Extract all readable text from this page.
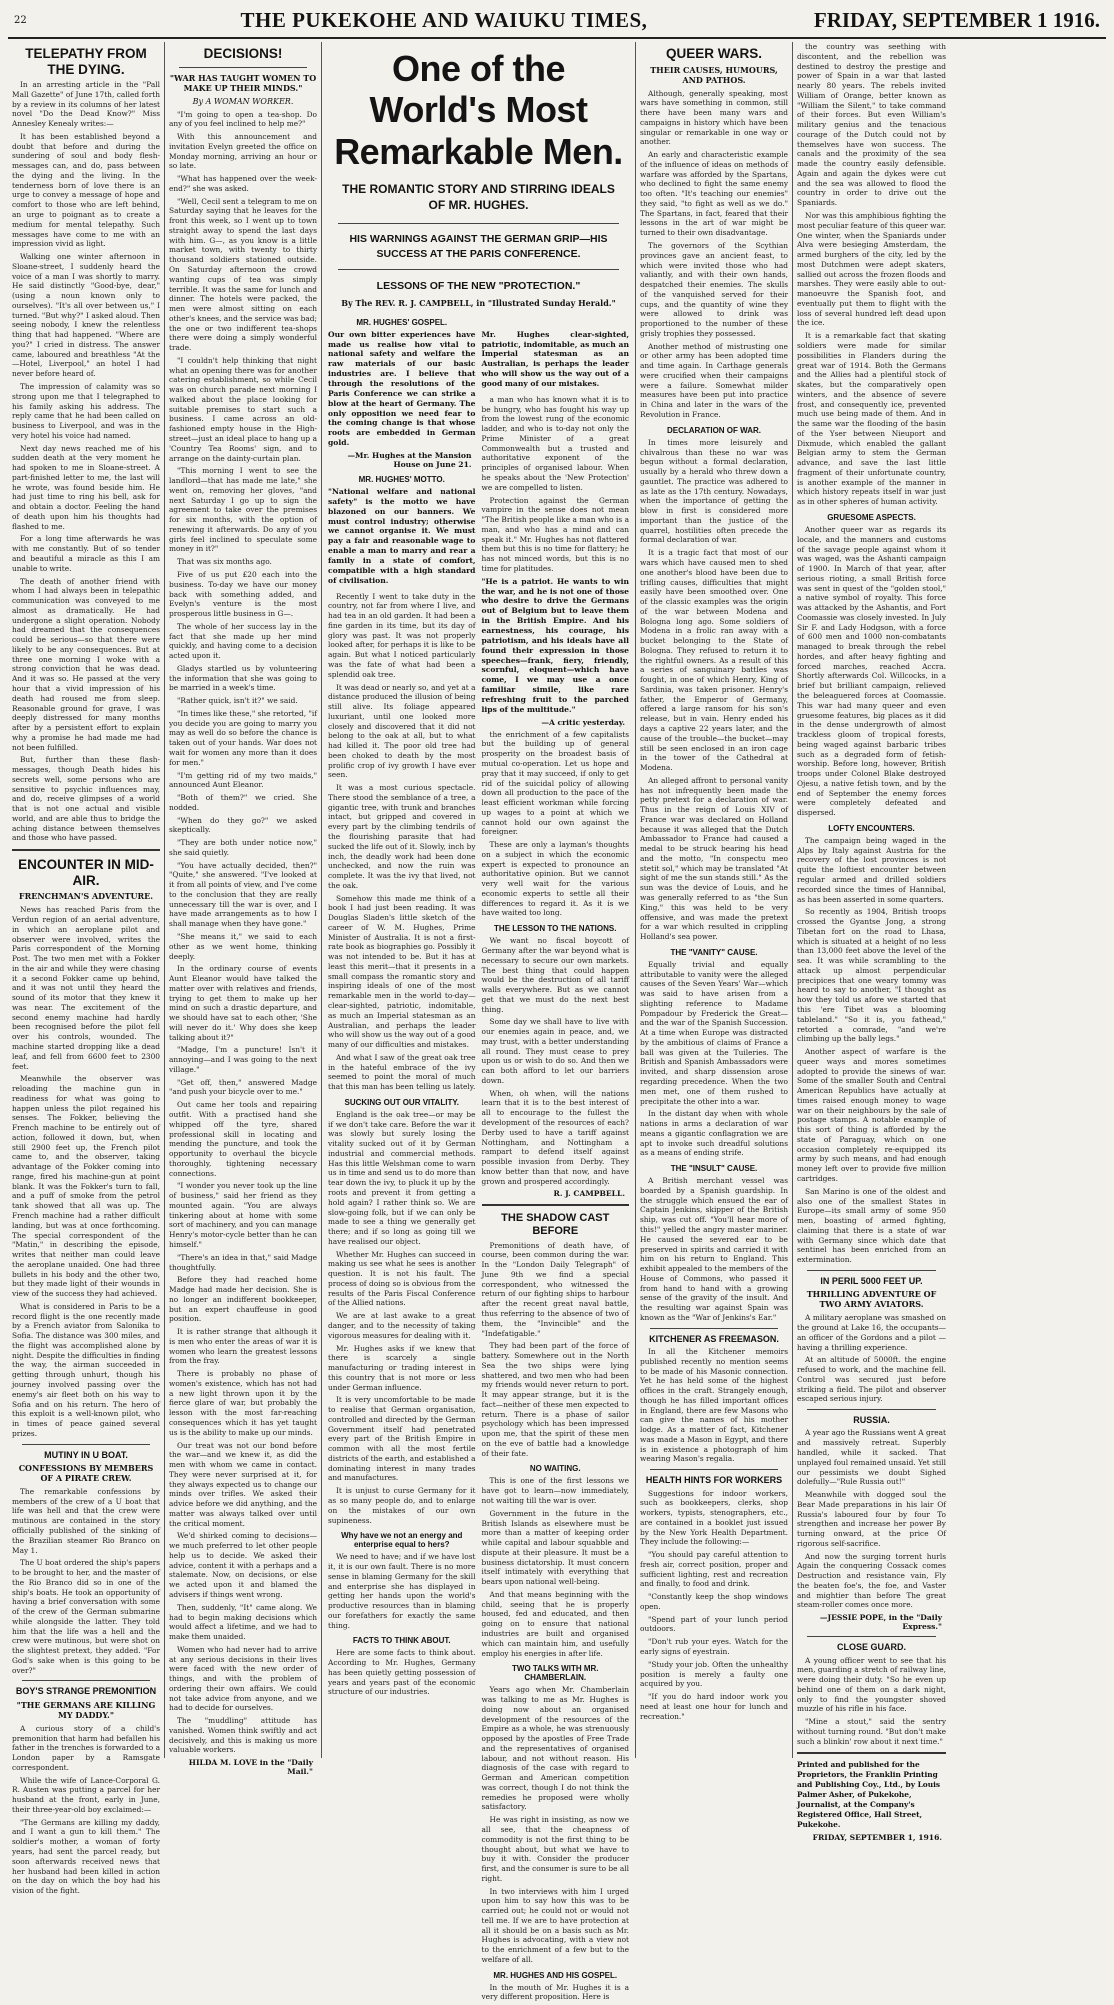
22	THE PUKEKOHE AND WAIUKU TIMES,	FRIDAY, SEPTEMBER 1 1916.
TELEPATHY FROM THE DYING.

In an arresting article in the "Pall Mall Gazette" of June 17th, called forth by a review in its columns of her latest novel "Do the Dead Know?" Miss Annesley Kenealy writes:—

It has been established beyond a doubt that before and during the sundering of soul and body flesh-messages can, and do, pass between the dying and the living. In the tenderness born of love there is an urge to convey a message of hope and comfort to those who are left behind, an urge to poignant as to create a medium for mental telepathy. Such messages have come to me with an impression vivid as light.

Walking one winter afternoon in Sloane-street, I suddenly heard the voice of a man I was shortly to marry. He said distinctly "Good-bye, dear," (using a noun known only to ourselves). "It's all over between us," I turned. "But why?" I asked aloud. Then seeing nobody, I knew the relentless thing that had happened. "Where are you?" I cried in distress. The answer came, laboured and breathless "At the —Hotel, Liverpool," an hotel I had never before heard of.

The impression of calamity was so strong upon me that I telegraphed to his family asking his address. The reply came that he had been called on business to Liverpool, and was in the very hotel his voice had named.

Next day news reached me of his sudden death at the very moment he had spoken to me in Sloane-street. A part-finished letter to me, the last will he wrote, was found beside him. He had just time to ring his bell, ask for and obtain a doctor. Feeling the hand of death upon him his thoughts had flashed to me.

For a long time afterwards he was with me constantly. But of so tender and beautiful a miracle as this I am unable to write.

The death of another friend with whom I had always been in telepathic communication was conveyed to me almost as dramatically. He had undergone a slight operation. Nobody had dreamed that the consequences could be serious—so that there were likely to be any consequences. But at three one morning I woke with a strong conviction that he was dead. And it was so. He passed at the very hour that a vivid impression of his death had roused me from sleep. Reasonable ground for grave, I was deeply distressed for many months after by a persistent effort to explain why a promise he had made me had not been fulfilled.

But, further than these flash-messages, though Death hides his secrets well, some persons who are sensitive to psychic influences may, and do, receive glimpses of a world that is not one actual and visible world, and are able thus to bridge the aching distance between themselves and those who have passed.

ENCOUNTER IN MID-AIR.
FRENCHMAN'S ADVENTURE.

News has reached Paris from the Verdun region of an aerial adventure, in which an aeroplane pilot and observer were involved, writes the Paris correspondent of the Morning Post. The two men met with a Fokker in the air and while they were chasing it a second Fokker came up behind, and it was not until they heard the sound of its motor that they knew it was near. The excitement of the second enemy machine had hardly been recognised before the pilot fell over his controls, wounded. The machine started dropping like a dead leaf, and fell from 6600 feet to 2300 feet.

Meanwhile the observer was reloading the machine gun in readiness for what was going to happen unless the pilot regained his senses. The Fokker, believing the French machine to be entirely out of action, followed it down, but, when still 2900 feet up, the French pilot came to, and the observer, taking advantage of the Fokker coming into range, fired his machine-gun at point blank. It was the Fokker's turn to fall, and a puff of smoke from the petrol tank showed that all was up. The French machine had a rather difficult landing, but was at once forthcoming. The special correspondent of the "Matin," in describing the episode, writes that neither man could leave the aeroplane unaided. One had three bullets in his body and the other two, but they made light of their wounds in view of the success they had achieved.

What is considered in Paris to be a record flight is the one recently made by a French aviator from Salonika to Sofia. The distance was 300 miles, and the flight was accomplished alone by night. Despite the difficulties in finding the way, the airman succeeded in getting through unhurt, though his journey involved passing over the enemy's air fleet both on his way to Sofia and on his return. The hero of this exploit is a well-known pilot, who in times of peace gained several prizes.

MUTINY IN U BOAT.
CONFESSIONS BY MEMBERS OF A PIRATE CREW.

The remarkable confessions by members of the crew of a U boat that life was hell and that the crew were mutinous are contained in the story officially published of the sinking of the Brazilian steamer Rio Branco on May 1.

The U boat ordered the ship's papers to be brought to her, and the master of the Rio Branco did so in one of the ship's boats. He took an opportunity of having a brief conversation with some of the crew of the German submarine while alongside the latter. They told him that the life was a hell and the crew were mutinous, but were shot on the slightest pretext, they added. "For God's sake when is this going to be over?"

BOY'S STRANGE PREMONITION
"THE GERMANS ARE KILLING MY DADDY."

A curious story of a child's premonition that harm had befallen his father in the trenches is forwarded to a London paper by a Ramsgate correspondent.

While the wife of Lance-Corporal G. R. Austen was putting a parcel for her husband at the front, early in June, their three-year-old boy exclaimed:—

"The Germans are killing my daddy, and I want a gun to kill them." The soldier's mother, a woman of forty years, had sent the parcel ready, but soon afterwards received news that her husband had been killed in action on the day on which the boy had his vision of the fight.

DECISIONS!
"WAR HAS TAUGHT WOMEN TO MAKE UP THEIR MINDS."
By A WOMAN WORKER.

"I'm going to open a tea-shop. Do any of you feel inclined to help me?"

With this announcement and invitation Evelyn greeted the office on Monday morning, arriving an hour or so late.

"What has happened over the week-end?" she was asked.

"Well, Cecil sent a telegram to me on Saturday saying that he leaves for the front this week, so I went up to town straight away to spend the last days with him. G—, as you know is a little market town, with twenty to thirty thousand soldiers stationed outside. On Saturday afternoon the crowd wanting cups of tea was simply terrible. It was the same for lunch and dinner. The hotels were packed, the men were almost sitting on each other's knees, and the service was bad; the one or two indifferent tea-shops there were doing a simply wonderful trade.

"I couldn't help thinking that night what an opening there was for another catering establishment, so while Cecil was on church parade next morning I walked about the place looking for suitable premises to start such a business. I came across an old-fashioned empty house in the High-street—just an ideal place to hang up a 'Country Tea Rooms' sign, and to arrange on the dainty-curtain plan.

"This morning I went to see the landlord—that has made me late," she went on, removing her gloves, "and next Saturday I go up to sign the agreement to take over the premises for six months, with the option of renewing it afterwards. Do any of you girls feel inclined to speculate some money in it?"

That was six months ago.

Five of us put £20 each into the business. To-day we have our money back with something added, and Evelyn's venture is the most prosperous little business in G—.

The whole of her success lay in the fact that she made up her mind quickly, and having come to a decision acted upon it.

Gladys startled us by volunteering the information that she was going to be married in a week's time.

"Rather quick, isn't it?" we said.

"In times like these," she retorted, "if you decide you are going to marry you may as well do so before the chance is taken out of your hands. War does not wait for women any more than it does for men."

"I'm getting rid of my two maids," announced Aunt Eleanor.

"Both of them?" we cried. She nodded.

"When do they go?" we asked skeptically.

"They are both under notice now," she said quietly.

"You have actually decided, then?" "Quite," she answered. "I've looked at it from all points of view, and I've come to the conclusion that they are really unnecessary till the war is over, and I have made arrangements as to how I shall manage when they have gone."

"She means it," we said to each other as we went home, thinking deeply.

In the ordinary course of events Aunt Eleanor would have talked the matter over with relatives and friends, trying to get them to make up her mind on such a drastic departure, and we should have sat to each other, 'She will never do it.' Why does she keep talking about it?"

"Madge, I'm a puncture! Isn't it annoying—and I was going to the next village."

"Get off, then," answered Madge "and push your bicycle over to me."

Out came her tools and repairing outfit. With a practised hand she whipped off the tyre, shared professional skill in locating and mending the puncture, and took the opportunity to overhaul the bicycle thoroughly, tightening necessary connections.

"I wonder you never took up the line of business," said her friend as they mounted again. "You are always tinkering about at home with some sort of machinery, and you can manage Henry's motor-cycle better than he can himself."

"There's an idea in that," said Madge thoughtfully.

Before they had reached home Madge had made her decision. She is no longer an indifferent bookkeeper, but an expert chauffeuse in good position.

It is rather strange that although it is men who enter the areas of war it is women who learn the greatest lessons from the fray.

There is probably no phase of women's existence, which has not had a new light thrown upon it by the fierce glare of war, but probably the lesson with the most far-reaching consequences which it has yet taught us is the ability to make up our minds.

Our treat was not our bond before the war—and we knew it, as did the men with whom we came in contact. They were never surprised at it, for they always expected us to change our minds over trifles. We asked their advice before we did anything, and the matter was always talked over until the critical moment.

We'd shirked coming to decisions—we much preferred to let other people help us to decide. We asked their advice, content it with a perhaps and a stalemate. Now, on decisions, or else we acted upon it and blamed the advisers if things went wrong.

Then, suddenly, "It" came along. We had to begin making decisions which would affect a lifetime, and we had to make them unaided.

Women who had never had to arrive at any serious decisions in their lives were faced with the new order of things, and with the problem of ordering their own affairs. We could not take advice from anyone, and we had to decide for ourselves.

The "muddling" attitude has vanished. Women think swiftly and act decisively, and this is making us more valuable workers.

HILDA M. LOVE in the "Daily Mail."
One of the World's Most Remarkable Men.
THE ROMANTIC STORY AND STIRRING IDEALS OF MR. HUGHES.
HIS WARNINGS AGAINST THE GERMAN GRIP—HIS SUCCESS AT THE PARIS CONFERENCE.
LESSONS OF THE NEW "PROTECTION."
By The REV. R. J. CAMPBELL, in "Illustrated Sunday Herald."
MR. HUGHES' GOSPEL.
Our own bitter experiences have made us realise how vital to national safety and welfare the raw materials of our basic industries are. I believe that through the resolutions of the Paris Conference we can strike a blow at the heart of Germany. The only opposition we need fear to the coming change is that whose roots are embedded in German gold.
—Mr. Hughes at the Mansion House on June 21.
MR. HUGHES' MOTTO.
"National welfare and national safety" is the motto we have blazoned on our banners. We must control industry; otherwise we cannot organise it. We must pay a fair and reasonable wage to enable a man to marry and rear a family in a state of comfort, compatible with a high standard of civilisation.

Recently I went to take duty in the country, not far from where I live, and had tea in an old garden. It had been a fine garden in its time, but its day of glory was past. It was not properly looked after, for perhaps it is like to be again. But what I noticed particularly was the fate of what had been a splendid oak tree.

It was dead or nearly so, and yet at a distance produced the illusion of being still alive. Its foliage appeared luxuriant, until one looked more closely and discovered that it did not belong to the oak at all, but to what had killed it. The poor old tree had been choked to death by the most prolific crop of ivy growth I have ever seen.

It was a most curious spectacle. There stood the semblance of a tree, a gigantic tree, with trunk and branches intact, but gripped and covered in every part by the climbing tendrils of the flourishing parasite that had sucked the life out of it. Slowly, inch by inch, the deadly work had been done unchecked, and now the ruin was complete. It was the ivy that lived, not the oak.

Somehow this made me think of a book I had just been reading. It was Douglas Sladen's little sketch of the career of W. M. Hughes, Prime Minister of Australia. It is not a first-rate book as biographies go. Possibly it was not intended to be. But it has at least this merit—that it presents in a small compass the romantic story and inspiring ideals of one of the most remarkable men in the world to-day—clear-sighted, patriotic, indomitable, as much an Imperial statesman as an Australian, and perhaps the leader who will show us the way out of a good many of our difficulties and mistakes.

And what I saw of the great oak tree in the hateful embrace of the ivy seemed to point the moral of much that this man has been telling us lately.

SUCKING OUT OUR VITALITY.

England is the oak tree—or may be if we don't take care. Before the war it was slowly but surely losing the vitality sucked out of it by German industrial and commercial methods. Has this little Welshman come to warn us in time and send us to do more than tear down the ivy, to pluck it up by the roots and prevent it from getting a hold again? I rather think so. We are slow-going folk, but if we can only be made to see a thing we generally get there; and if so long as going till we have realised our object.

Whether Mr. Hughes can succeed in making us see what he sees is another question. It is not his fault. The process of doing so is obvious from the results of the Paris Fiscal Conference of the Allied nations.

We are at last awake to a great danger, and to the necessity of taking vigorous measures for dealing with it.

Mr. Hughes asks if we knew that there is scarcely a single manufacturing or trading interest in this country that is not more or less under German influence.

It is very uncomfortable to be made to realise that German organisation, controlled and directed by the German Government itself had penetrated every part of the British Empire in common with all the most fertile districts of the earth, and established a dominating interest in many trades and manufactures.

It is unjust to curse Germany for it as so many people do, and to enlarge on the mistakes of our own supineness.

Why have we not an energy and enterprise equal to hers?

We need to have; and if we have lost it, it is our own fault. There is no more sense in blaming Germany for the skill and enterprise she has displayed in getting her hands upon the world's productive resources than in blaming our forefathers for exactly the same thing.

FACTS TO THINK ABOUT.

Here are some facts to think about. According to Mr. Hughes, Germany has been quietly getting possession of years and years past of the economic structure of our industries.

Mr. Hughes clear-sighted, patriotic, indomitable, as much an Imperial statesman as an Australian, is perhaps the leader who will show us the way out of a good many of our mistakes.

a man who has known what it is to be hungry, who has fought his way up from the lowest rung of the economic ladder, and who is to-day not only the Prime Minister of a great Commonwealth but a trusted and authoritative exponent of the principles of organised labour. When he speaks about the 'New Protection' we are compelled to listen.

Protection against the German vampire in the sense does not mean "The British people like a man who is a man, and who has a mind and can speak it." Mr. Hughes has not flattered them but this is no time for flattery; he has not minced words, but this is no time for platitudes.

"He is a patriot. He wants to win the war, and he is not one of those who desire to drive the Germans out of Belgium but to leave them in the British Empire. And his earnestness, his courage, his patriotism, and his ideals have all found their expression in those speeches—frank, fiery, friendly, scornful, eloquent—which have come, I we may use a once familiar simile, like rare refreshing fruit to the parched lips of the multitude."
—A critic yesterday.

the enrichment of a few capitalists but the building up of general prosperity on the broadest basis of mutual co-operation. Let us hope and pray that it may succeed, if only to get rid of the suicidal policy of allowing down all production to the pace of the least efficient workman while forcing up wages to a point at which we cannot hold our own against the foreigner.

These are only a layman's thoughts on a subject in which the economic expert is expected to pronounce an authoritative opinion. But we cannot very well wait for the various economic experts to settle all their differences to regard it. As it is we have waited too long.

THE LESSON TO THE NATIONS.

We want no fiscal boycott of Germany after the war beyond what is necessary to secure our own markets. The best thing that could happen would be the destruction of all tariff walls everywhere. But as we cannot get that we must do the next best thing.

Some day we shall have to live with our enemies again in peace, and, we may trust, with a better understanding all round. They must cease to prey upon us or wish to do so. And then we can both afford to let our barriers down.

When, oh when, will the nations learn that it is to the best interest of all to encourage to the fullest the development of the resources of each? Derby used to have a tariff against Nottingham, and Nottingham a rampart to defend itself against possible invasion from Derby. They know better than that now, and have grown and prospered accordingly.

R. J. CAMPBELL.
THE SHADOW CAST BEFORE

Premonitions of death have, of course, been common during the war. In the "London Daily Telegraph" of June 9th we find a special correspondent, who witnessed the return of our fighting ships to harbour after the recent great naval battle, thus referring to the absence of two of them, the "Invincible" and the "Indefatigable."

They had been part of the force of battery. Somewhere out in the North Sea the two ships were lying shattered, and two men who had been my friends would never return to port. It may appear strange, but it is the fact—neither of these men expected to return. There is a phase of sailor psychology which has been impressed upon me, that the spirit of these men on the eve of battle had a knowledge of their fate.

NO WAITING.

This is one of the first lessons we have got to learn—now immediately, not waiting till the war is over.

Government in the future in the British Islands as elsewhere must be more than a matter of keeping order while capital and labour squabble and dispute at their pleasure. It must be a business dictatorship. It must concern itself intimately with everything that bears upon national well-being.

And that means beginning with the child, seeing that he is properly housed, fed and educated, and then going on to ensure that national industries are built and organised which can maintain him, and usefully employ his energies in after life.

TWO TALKS WITH MR. CHAMBERLAIN.

Years ago when Mr. Chamberlain was talking to me as Mr. Hughes is doing now about an organised development of the resources of the Empire as a whole, he was strenuously opposed by the apostles of Free Trade and the representatives of organised labour, and not without reason. His diagnosis of the case with regard to German and American competition was correct, though I do not think the remedies he proposed were wholly satisfactory.

He was right in insisting, as now we all see, that the cheapness of commodity is not the first thing to be thought about, but what we have to buy it with. Consider the producer first, and the consumer is sure to be all right.

In two interviews with him I urged upon him to say how this was to be carried out; he could not or would not tell me. If we are to have protection at all it should be on a basis such as Mr. Hughes is advocating, with a view not to the enrichment of a few but to the welfare of all.

MR. HUGHES AND HIS GOSPEL.

In the mouth of Mr. Hughes it is a very different proposition. Here is

QUEER WARS.
THEIR CAUSES, HUMOURS, AND PATHOS.

Although, generally speaking, most wars have something in common, still there have been many wars and campaigns in history which have been singular or remarkable in one way or another.

An early and characteristic example of the influence of ideas on methods of warfare was afforded by the Spartans, who declined to fight the same enemy too often. "It's teaching our enemies" they said, "to fight as well as we do." The Spartans, in fact, feared that their lessons in the art of war might be turned to their own disadvantage.

The governors of the Scythian provinces gave an ancient feast, to which were invited those who had valiantly, and with their own hands, despatched their enemies. The skulls of the vanquished served for their cups, and the quantity of wine they were allowed to drink was proportioned to the number of these grisly trophies they possessed.

Another method of mistrusting one or other army has been adopted time and time again. In Carthage generals were crucified when their campaigns were a failure. Somewhat milder measures have been put into practice in China and later in the wars of the Revolution in France.

DECLARATION OF WAR.

In times more leisurely and chivalrous than these no war was begun without a formal declaration, usually by a herald who threw down a gauntlet. The practice was adhered to as late as the 17th century. Nowadays, when the importance of getting the blow in first is considered more important than the justice of the quarrel, hostilities often precede the formal declaration of war.

It is a tragic fact that most of our wars which have caused men to shed one another's blood have been due to trifling causes, difficulties that might easily have been smoothed over. One of the classic examples was the origin of the war between Modena and Bologna long ago. Some soldiers of Modena in a frolic ran away with a bucket belonging to the State of Bologna. They refused to return it to the rightful owners. As a result of this a series of sanguinary battles was fought, in one of which Henry, King of Sardinia, was taken prisoner. Henry's father, the Emperor of Germany, offered a large ransom for his son's release, but in vain. Henry ended his days a captive 22 years later, and the cause of the trouble—the bucket—may still be seen enclosed in an iron cage in the tower of the Cathedral at Modena.

An alleged affront to personal vanity has not infrequently been made the petty pretext for a declaration of war. Thus in the reign of Louis XIV of France war was declared on Holland because it was alleged that the Dutch Ambassador to France had caused a medal to be struck bearing his head and the motto, "In conspectu meo stetit sol," which may be translated "At sight of me the sun stands still." As the sun was the device of Louis, and he was generally referred to as "the Sun King," this was held to be very offensive, and was made the pretext for a war which resulted in crippling Holland's sea power.

THE "VANITY" CAUSE.

Equally trivial and equally attributable to vanity were the alleged causes of the Seven Years' War—which was said to have arisen from a slighting reference to Madame Pompadour by Frederick the Great—and the war of the Spanish Succession. At a time when Europe was distracted by the ambitious of claims of France a ball was given at the Tuileries. The British and Spanish Ambassadors were invited, and sharp dissension arose regarding precedence. When the two men met, one of them rushed to precipitate the other into a war.

In the distant day when with whole nations in arms a declaration of war means a gigantic conflagration we are apt to invoke such dreadful solutions as a means of ending strife.

THE "INSULT" CAUSE.

A British merchant vessel was boarded by a Spanish guardship. In the struggle which ensued the ear of Captain Jenkins, skipper of the British ship, was cut off. "You'll hear more of this!" yelled the angry master mariner. He caused the severed ear to be preserved in spirits and carried it with him on his return to England. This exhibit appealed to the members of the House of Commons, who passed it from hand to hand with a growing sense of the gravity of the insult. And the resulting war against Spain was known as the "War of Jenkins's Ear."

KITCHENER AS FREEMASON.

In all the Kitchener memoirs published recently no mention seems to be made of his Masonic connection. Yet he has held some of the highest offices in the craft. Strangely enough, though he has filled important offices in England, there are few Masons who can give the names of his mother lodge. As a matter of fact, Kitchener was made a Mason in Egypt, and there is in existence a photograph of him wearing Mason's regalia.

HEALTH HINTS FOR WORKERS

Suggestions for indoor workers, such as bookkeepers, clerks, shop workers, typists, stenographers, etc., are contained in a booklet just issued by the New York Health Department. They include the following:—

"You should pay careful attention to fresh air, correct position, proper and sufficient lighting, rest and recreation and finally, to food and drink.

"Constantly keep the shop windows open.

"Spend part of your lunch period outdoors.

"Don't rub your eyes. Watch for the early signs of eyestrain.

"Study your job. Often the unhealthy position is merely a faulty one acquired by you.

"If you do hard indoor work you need at least one hour for lunch and recreation."

the country was seething with discontent, and the rebellion was destined to destroy the prestige and power of Spain in a war that lasted nearly 80 years. The rebels invited William of Orange, better known as "William the Silent," to take command of their forces. But even William's military genius and the tenacious courage of the Dutch could not by themselves have won success. The canals and the proximity of the sea made the country easily defensible. Again and again the dykes were cut and the sea was allowed to flood the country in order to drive out the Spaniards.

Nor was this amphibious fighting the most peculiar feature of this queer war. One winter, when the Spaniards under Alva were besieging Amsterdam, the armed burghers of the city, led by the most Dutchmen were adept skaters, sallied out across the frozen floods and marshes. They were easily able to out-manoeuvre the Spanish foot, and eventually put them to flight with the loss of several hundred left dead upon the ice.

It is a remarkable fact that skating soldiers were made for similar possibilities in Flanders during the great war of 1914. Both the Germans and the Allies had a plentiful stock of skates, but the comparatively open winters, and the absence of severe frost, and consequently ice, prevented much use being made of them. And in the same war the flooding of the basin of the Yser between Nieuport and Dixmude, which enabled the gallant Belgian army to stem the German advance, and save the last little fragment of their unfortunate country, is another example of the manner in which history repeats itself in war just as in other spheres of human activity.

GRUESOME ASPECTS.

Another queer war as regards its locale, and the manners and customs of the savage people against whom it was waged, was the Ashanti campaign of 1900. In March of that year, after serious rioting, a small British force was sent in quest of the "golden stool," a native symbol of royalty. This force was attacked by the Ashantis, and Fort Coomassie was closely invested. In July Sir F. and Lady Hodgson, with a force of 600 men and 1000 non-combatants managed to break through the rebel hordes, and after heavy fighting and forced marches, reached Accra. Shortly afterwards Col. Willcocks, in a brief but brilliant campaign, relieved the beleaguered forces at Coomassie. This war had many queer and even gruesome features, big places as it did in the dense undergrowth of almost trackless gloom of tropical forests, being waged against barbaric tribes such as a degraded form of fetish-worship. Before long, however, British troops under Colonel Blake destroyed Ojesu, a native fetish town, and by the end of September the enemy forces were completely defeated and dispersed.

LOFTY ENCOUNTERS.

The campaign being waged in the Alps by Italy against Austria for the recovery of the lost provinces is not quite the loftiest encounter between regular armed and drilled soldiers recorded since the times of Hannibal, as has been asserted in some quarters.

So recently as 1904, British troops crossed the Gyantse Jong, a strong Tibetan fort on the road to Lhasa, which is situated at a height of no less than 13,000 feet above the level of the sea. It was while scrambling to the attack up almost perpendicular precipices that one weary tommy was heard to say to another, "I thought as how they told us afore we started that this 'ere Tibet was a blooming tableland." "So it is, you fathead," retorted a comrade, "and we're climbing up the bally legs."

Another aspect of warfare is the queer ways and mores sometimes adopted to provide the sinews of war. Some of the smaller South and Central American Republics have actually at times raised enough money to wage war on their neighbours by the sale of postage stamps. A notable example of this sort of thing is afforded by the state of Paraguay, which on one occasion completely re-equipped its army by such means, and had enough money left over to provide five million cartridges.

San Marino is one of the oldest and also one of the smallest States in Europe—its small army of some 950 men, boasting of armed fighting, claiming that there is a state of war with Germany since which date that sentinel has been enriched from an extermination.

IN PERIL 5000 FEET UP.
THRILLING ADVENTURE OF TWO ARMY AVIATORS.

A military aeroplane was smashed on the ground at Lake 16, the occupants—an officer of the Gordons and a pilot —having a thrilling experience.

At an altitude of 5000ft. the engine refused to work, and the machine fell. Control was secured just before striking a field. The pilot and observer escaped serious injury.

RUSSIA.

A year ago the Russians went A great and massively retreat. Superbly handled, while it sacked. That unplayed foul remained unsaid. Yet still our pessimists we doubt Sighed dolefully—"Rule Russia out!"

Meanwhile with dogged soul the Bear Made preparations in his lair Of Russia's laboured four by four To strengthen and increase her power By turning onward, at the price Of rigorous self-sacrifice.

And now the surging torrent hurls Again the conquering Cossack comes Destruction and resistance vain, Fly the beaten foe's, the foe, and Vaster and mightier than before The great steam-roller comes once more.

—JESSIE POPE, in the "Daily Express."
CLOSE GUARD.

A young officer went to see that his men, guarding a stretch of railway line, were doing their duty. "So he even up behind one of them on a dark night, only to find the youngster shoved muzzle of his rifle in his face.

"Mine a stout," said the sentry without turning round. "But don't make such a blinkin' row about it next time."

Printed and published for the Proprietors, the Franklin Printing and Publishing Coy., Ltd., by Louis Palmer Asher, of Pukekohe, Journalist, at the Company's Registered Office, Hall Street, Pukekohe.
FRIDAY, SEPTEMBER 1, 1916.
